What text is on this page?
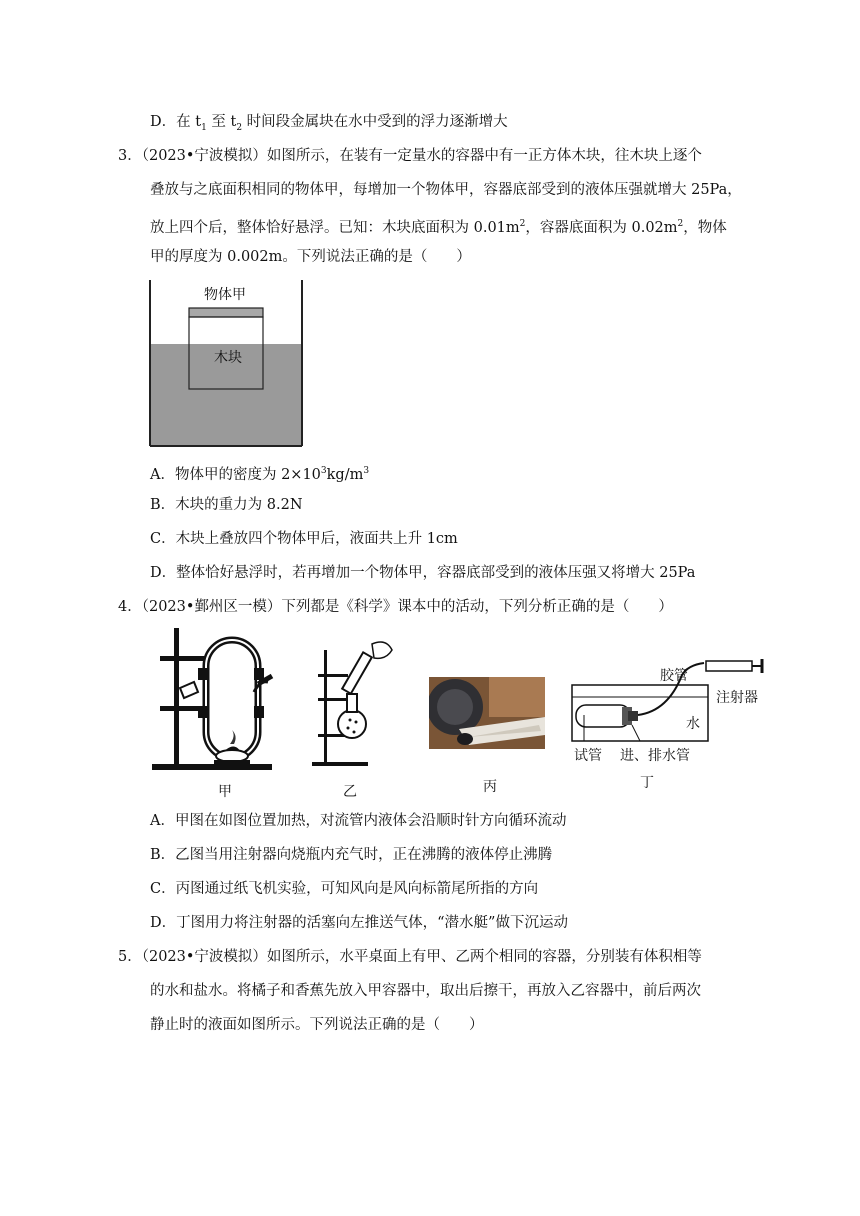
D．在 $t_1$ 至 $t_2$ 时间段金属块在水中受到的浮力逐渐增大
3．（2023•宁波模拟）如图所示，在装有一定量水的容器中有一正方体木块，往木块上逐个
叠放与之底面积相同的物体甲，每增加一个物体甲，容器底部受到的液体压强就增大 25Pa，
放上四个后，整体恰好悬浮。已知：木块底面积为 $0.01m^2$，容器底面积为 $0.02m^2$，物体
甲的厚度为 0.002m。下列说法正确的是（　　）
物体甲
木块
A．物体甲的密度为 $2\times 10^3kg/m^3$
B．木块的重力为 8.2N
C．木块上叠放四个物体甲后，液面共上升 1cm
D．整体恰好悬浮时，若再增加一个物体甲，容器底部受到的液体压强又将增大 25Pa
4．（2023•鄞州区一模）下列都是《科学》课本中的活动，下列分析正确的是（　　）
甲	乙	丙
胶管
注射器
水
试管 进、排水管
丁
A．甲图在如图位置加热，对流管内液体会沿顺时针方向循环流动
B．乙图当用注射器向烧瓶内充气时，正在沸腾的液体停止沸腾
C．丙图通过纸飞机实验，可知风向是风向标箭尾所指的方向
D．丁图用力将注射器的活塞向左推送气体，“潜水艇”做下沉运动
5．（2023•宁波模拟）如图所示，水平桌面上有甲、乙两个相同的容器，分别装有体积相等
的水和盐水。将橘子和香蕉先放入甲容器中，取出后擦干，再放入乙容器中，前后两次
静止时的液面如图所示。下列说法正确的是（　　）
